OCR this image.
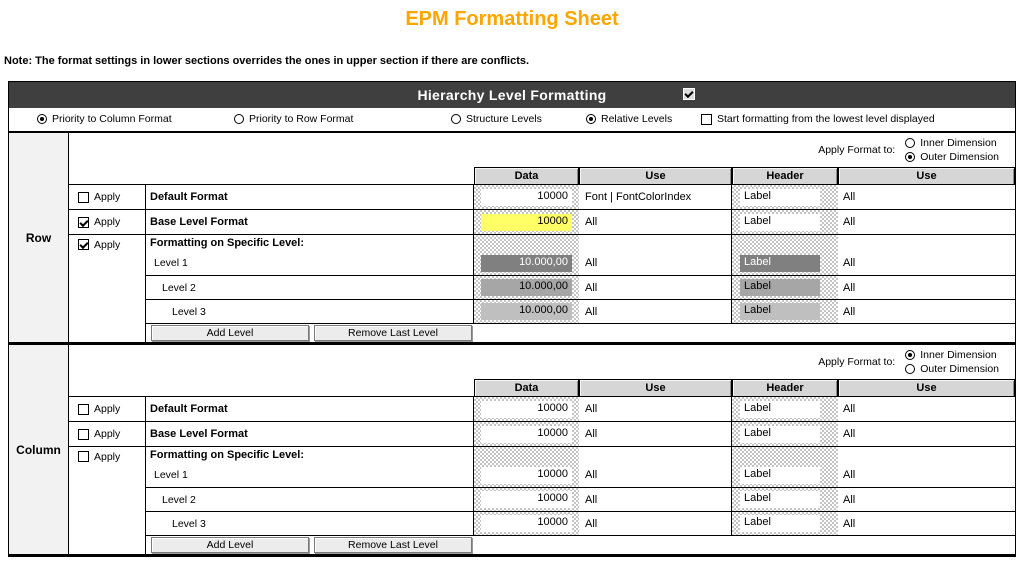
EPM Formatting Sheet
Note: The format settings in lower sections overrides the ones in upper section if there are conflicts.
Hierarchy Level Formatting
Priority to Column Format	Priority to Row Format	Structure Levels	Relative Levels	Start formatting from the lowest level displayed
Row
Apply Format to:
Inner Dimension
Outer Dimension
Data	Use	Header	Use
Apply	Default Format	10000	Font | FontColorIndex	Label	All
Apply	Base Level Format	10000	All	Label	All
Apply	Formatting on Specific Level:
Level 1	10.000,00	All	Label	All
Level 2	10.000,00	All	Label	All
Level 3	10.000,00	All	Label	All
Add Level	Remove Last Level
Column
Apply Format to:
Inner Dimension
Outer Dimension
Data	Use	Header	Use
Apply	Default Format	10000	All	Label	All
Apply	Base Level Format	10000	All	Label	All
Apply	Formatting on Specific Level:
Level 1	10000	All	Label	All
Level 2	10000	All	Label	All
Level 3	10000	All	Label	All
Add Level	Remove Last Level
